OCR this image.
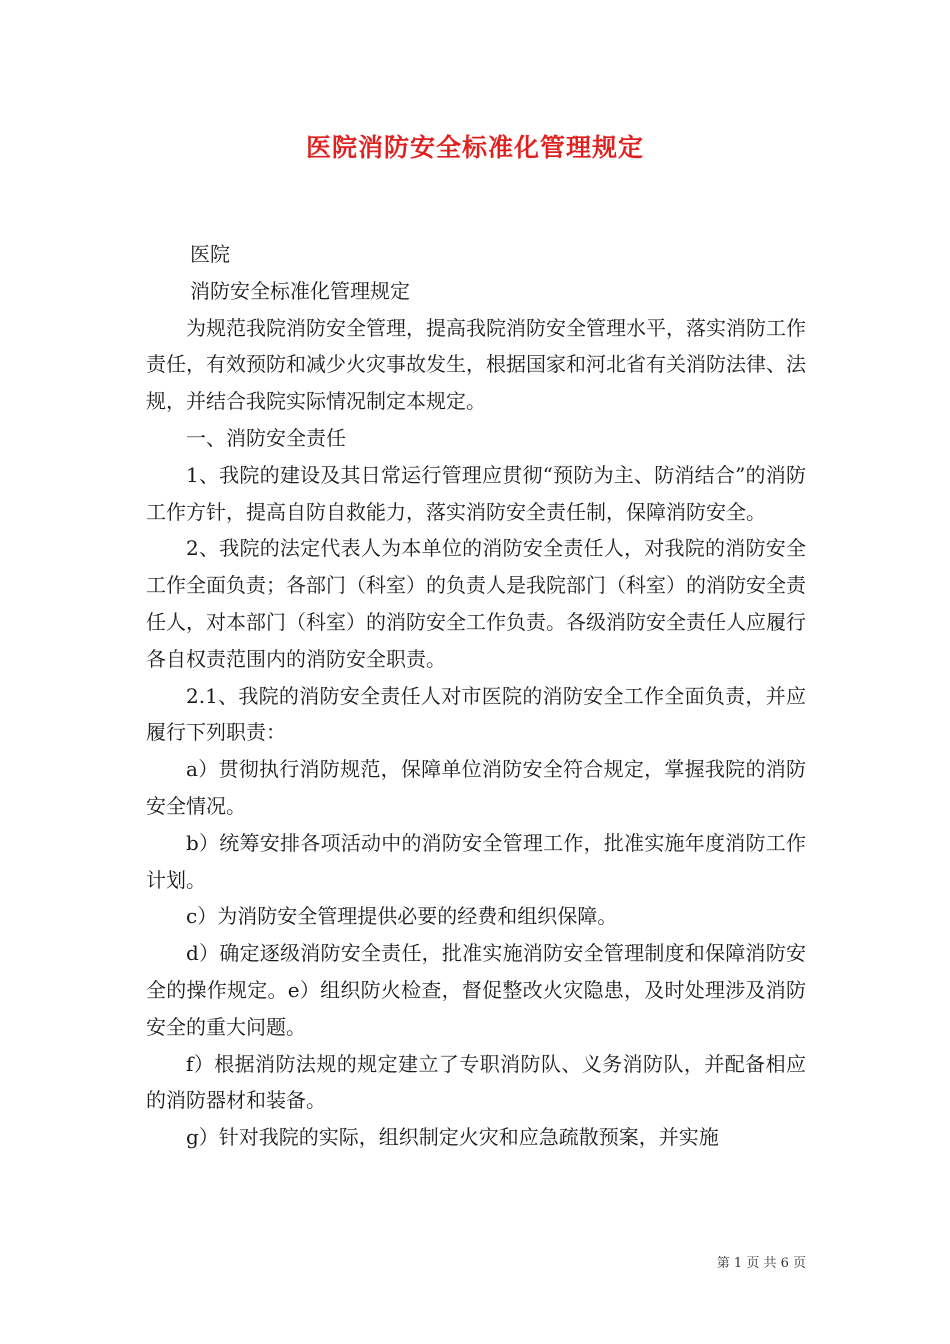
医院消防安全标准化管理规定

医院

消防安全标准化管理规定

为规范我院消防安全管理，提高我院消防安全管理水平，落实消防工作责任，有效预防和减少火灾事故发生，根据国家和河北省有关消防法律、法规，并结合我院实际情况制定本规定。

一、消防安全责任

1、我院的建设及其日常运行管理应贯彻“预防为主、防消结合”的消防工作方针，提高自防自救能力，落实消防安全责任制，保障消防安全。

2、我院的法定代表人为本单位的消防安全责任人，对我院的消防安全工作全面负责；各部门（科室）的负责人是我院部门（科室）的消防安全责任人，对本部门（科室）的消防安全工作负责。各级消防安全责任人应履行各自权责范围内的消防安全职责。

2.1、我院的消防安全责任人对市医院的消防安全工作全面负责，并应履行下列职责：

a）贯彻执行消防规范，保障单位消防安全符合规定，掌握我院的消防安全情况。

b）统筹安排各项活动中的消防安全管理工作，批准实施年度消防工作计划。

c）为消防安全管理提供必要的经费和组织保障。

d）确定逐级消防安全责任，批准实施消防安全管理制度和保障消防安全的操作规定。e）组织防火检查，督促整改火灾隐患，及时处理涉及消防安全的重大问题。

f）根据消防法规的规定建立了专职消防队、义务消防队，并配备相应的消防器材和装备。

g）针对我院的实际，组织制定火灾和应急疏散预案，并实施

第 1 页 共 6 页
